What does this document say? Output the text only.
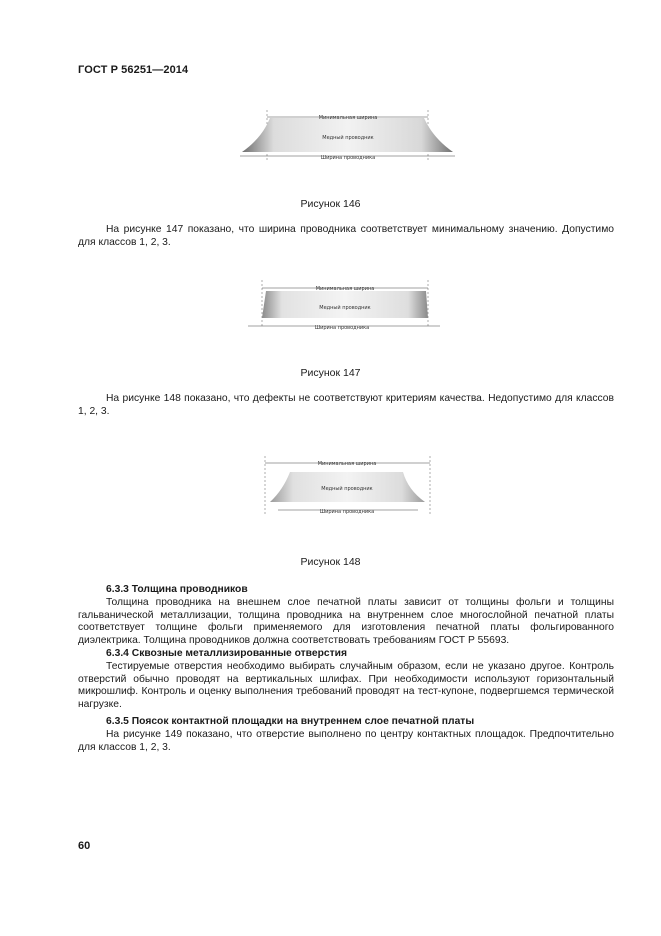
ГОСТ Р 56251—2014
Минимальная ширина
Медный проводник
Ширина проводника
Рисунок 146
На рисунке 147 показано, что ширина проводника соответствует минимальному значению. Допустимо для классов 1, 2, 3.
Минимальная ширина
Медный проводник
Ширина проводника
Рисунок 147
На рисунке 148 показано, что дефекты не соответствуют критериям качества. Недопустимо для классов 1, 2, 3.
Минимальная ширина
Медный проводник
Ширина проводника
Рисунок 148
6.3.3 Толщина проводников
Толщина проводника на внешнем слое печатной платы зависит от толщины фольги и толщины гальванической металлизации, толщина проводника на внутреннем слое многослойной печатной платы соответствует толщине фольги применяемого для изготовления печатной платы фольгированного диэлектрика. Толщина проводников должна соответствовать требованиям ГОСТ Р 55693.
6.3.4 Сквозные металлизированные отверстия
Тестируемые отверстия необходимо выбирать случайным образом, если не указано другое. Контроль отверстий обычно проводят на вертикальных шлифах. При необходимости используют горизонтальный микрошлиф. Контроль и оценку выполнения требований проводят на тест-купоне, подвергшемся термической нагрузке.
6.3.5 Поясок контактной площадки на внутреннем слое печатной платы
На рисунке 149 показано, что отверстие выполнено по центру контактных площадок. Предпочтительно для классов 1, 2, 3.
60
